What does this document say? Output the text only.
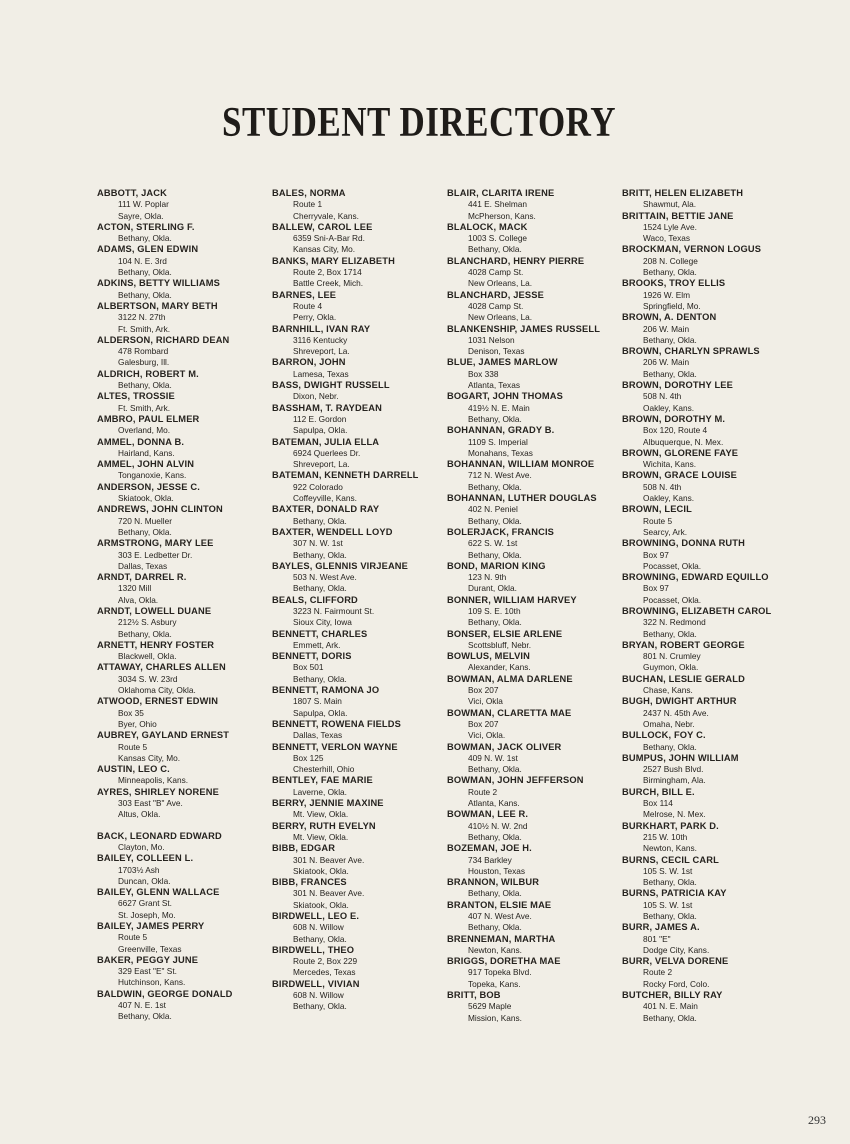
STUDENT DIRECTORY
ABBOTT, JACK
111 W. Poplar
Sayre, Okla.
ACTON, STERLING F.
Bethany, Okla.
ADAMS, GLEN EDWIN
104 N. E. 3rd
Bethany, Okla.
ADKINS, BETTY WILLIAMS
Bethany, Okla.
ALBERTSON, MARY BETH
3122 N. 27th
Ft. Smith, Ark.
ALDERSON, RICHARD DEAN
478 Rombard
Galesburg, Ill.
ALDRICH, ROBERT M.
Bethany, Okla.
ALTES, TROSSIE
Ft. Smith, Ark.
AMBRO, PAUL ELMER
Overland, Mo.
AMMEL, DONNA B.
Hairland, Kans.
AMMEL, JOHN ALVIN
Tonganoxie, Kans.
ANDERSON, JESSE C.
Skiatook, Okla.
ANDREWS, JOHN CLINTON
720 N. Mueller
Bethany, Okla.
ARMSTRONG, MARY LEE
303 E. Ledbetter Dr.
Dallas, Texas
ARNDT, DARREL R.
1320 Mill
Alva, Okla.
ARNDT, LOWELL DUANE
212½ S. Asbury
Bethany, Okla.
ARNETT, HENRY FOSTER
Blackwell, Okla.
ATTAWAY, CHARLES ALLEN
3034 S. W. 23rd
Oklahoma City, Okla.
ATWOOD, ERNEST EDWIN
Box 35
Byer, Ohio
AUBREY, GAYLAND ERNEST
Route 5
Kansas City, Mo.
AUSTIN, LEO C.
Minneapolis, Kans.
AYRES, SHIRLEY NORENE
303 East "B" Ave.
Altus, Okla.
BACK, LEONARD EDWARD
Clayton, Mo.
BAILEY, COLLEEN L.
1703½ Ash
Duncan, Okla.
BAILEY, GLENN WALLACE
6627 Grant St.
St. Joseph, Mo.
BAILEY, JAMES PERRY
Route 5
Greenville, Texas
BAKER, PEGGY JUNE
329 East "E" St.
Hutchinson, Kans.
BALDWIN, GEORGE DONALD
407 N. E. 1st
Bethany, Okla.
BALES, NORMA
Route 1
Cherryvale, Kans.
BALLEW, CAROL LEE
6359 Sni-A-Bar Rd.
Kansas City, Mo.
BANKS, MARY ELIZABETH
Route 2, Box 1714
Battle Creek, Mich.
BARNES, LEE
Route 4
Perry, Okla.
BARNHILL, IVAN RAY
3116 Kentucky
Shreveport, La.
BARRON, JOHN
Lamesa, Texas
BASS, DWIGHT RUSSELL
Dixon, Nebr.
BASSHAM, T. RAYDEAN
112 E. Gordon
Sapulpa, Okla.
BATEMAN, JULIA ELLA
6924 Querlees Dr.
Shreveport, La.
BATEMAN, KENNETH DARRELL
922 Colorado
Coffeyville, Kans.
BAXTER, DONALD RAY
Bethany, Okla.
BAXTER, WENDELL LOYD
307 N. W. 1st
Bethany, Okla.
BAYLES, GLENNIS VIRJEANE
503 N. West Ave.
Bethany, Okla.
BEALS, CLIFFORD
3223 N. Fairmount St.
Sioux City, Iowa
BENNETT, CHARLES
Emmett, Ark.
BENNETT, DORIS
Box 501
Bethany, Okla.
BENNETT, RAMONA JO
1807 S. Main
Sapulpa, Okla.
BENNETT, ROWENA FIELDS
Dallas, Texas
BENNETT, VERLON WAYNE
Box 125
Chesterhill, Ohio
BENTLEY, FAE MARIE
Laverne, Okla.
BERRY, JENNIE MAXINE
Mt. View, Okla.
BERRY, RUTH EVELYN
Mt. View, Okla.
BIBB, EDGAR
301 N. Beaver Ave.
Skiatook, Okla.
BIBB, FRANCES
301 N. Beaver Ave.
Skiatook, Okla.
BIRDWELL, LEO E.
608 N. Willow
Bethany, Okla.
BIRDWELL, THEO
Route 2, Box 229
Mercedes, Texas
BIRDWELL, VIVIAN
608 N. Willow
Bethany, Okla.
BLAIR, CLARITA IRENE
441 E. Shelman
McPherson, Kans.
BLALOCK, MACK
1003 S. College
Bethany, Okla.
BLANCHARD, HENRY PIERRE
4028 Camp St.
New Orleans, La.
BLANCHARD, JESSE
4028 Camp St.
New Orleans, La.
BLANKENSHIP, JAMES RUSSELL
1031 Nelson
Denison, Texas
BLUE, JAMES MARLOW
Box 338
Atlanta, Texas
BOGART, JOHN THOMAS
419½ N. E. Main
Bethany, Okla.
BOHANNAN, GRADY B.
1109 S. Imperial
Monahans, Texas
BOHANNAN, WILLIAM MONROE
712 N. West Ave.
Bethany, Okla.
BOHANNAN, LUTHER DOUGLAS
402 N. Peniel
Bethany, Okla.
BOLERJACK, FRANCIS
622 S. W. 1st
Bethany, Okla.
BOND, MARION KING
123 N. 9th
Durant, Okla.
BONNER, WILLIAM HARVEY
109 S. E. 10th
Bethany, Okla.
BONSER, ELSIE ARLENE
Scottsbluff, Nebr.
BOWLUS, MELVIN
Alexander, Kans.
BOWMAN, ALMA DARLENE
Box 207
Vici, Okla
BOWMAN, CLARETTA MAE
Box 207
Vici, Okla.
BOWMAN, JACK OLIVER
409 N. W. 1st
Bethany, Okla.
BOWMAN, JOHN JEFFERSON
Route 2
Atlanta, Kans.
BOWMAN, LEE R.
410½ N. W. 2nd
Bethany, Okla.
BOZEMAN, JOE H.
734 Barkley
Houston, Texas
BRANNON, WILBUR
Bethany, Okla.
BRANTON, ELSIE MAE
407 N. West Ave.
Bethany, Okla.
BRENNEMAN, MARTHA
Newton, Kans.
BRIGGS, DORETHA MAE
917 Topeka Blvd.
Topeka, Kans.
BRITT, BOB
5629 Maple
Mission, Kans.
BRITT, HELEN ELIZABETH
Shawmut, Ala.
BRITTAIN, BETTIE JANE
1524 Lyle Ave.
Waco, Texas
BROCKMAN, VERNON LOGUS
208 N. College
Bethany, Okla.
BROOKS, TROY ELLIS
1926 W. Elm
Springfield, Mo.
BROWN, A. DENTON
206 W. Main
Bethany, Okla.
BROWN, CHARLYN SPRAWLS
206 W. Main
Bethany, Okla.
BROWN, DOROTHY LEE
508 N. 4th
Oakley, Kans.
BROWN, DOROTHY M.
Box 120, Route 4
Albuquerque, N. Mex.
BROWN, GLORENE FAYE
Wichita, Kans.
BROWN, GRACE LOUISE
508 N. 4th
Oakley, Kans.
BROWN, LECIL
Route 5
Searcy, Ark.
BROWNING, DONNA RUTH
Box 97
Pocasset, Okla.
BROWNING, EDWARD EQUILLO
Box 97
Pocasset, Okla.
BROWNING, ELIZABETH CAROL
322 N. Redmond
Bethany, Okla.
BRYAN, ROBERT GEORGE
801 N. Crumley
Guymon, Okla.
BUCHAN, LESLIE GERALD
Chase, Kans.
BUGH, DWIGHT ARTHUR
2437 N. 45th Ave.
Omaha, Nebr.
BULLOCK, FOY C.
Bethany, Okla.
BUMPUS, JOHN WILLIAM
2527 Bush Blvd.
Birmingham, Ala.
BURCH, BILL E.
Box 114
Melrose, N. Mex.
BURKHART, PARK D.
215 W. 10th
Newton, Kans.
BURNS, CECIL CARL
105 S. W. 1st
Bethany, Okla.
BURNS, PATRICIA KAY
105 S. W. 1st
Bethany, Okla.
BURR, JAMES A.
801 "E"
Dodge City, Kans.
BURR, VELVA DORENE
Route 2
Rocky Ford, Colo.
BUTCHER, BILLY RAY
401 N. E. Main
Bethany, Okla.
293
